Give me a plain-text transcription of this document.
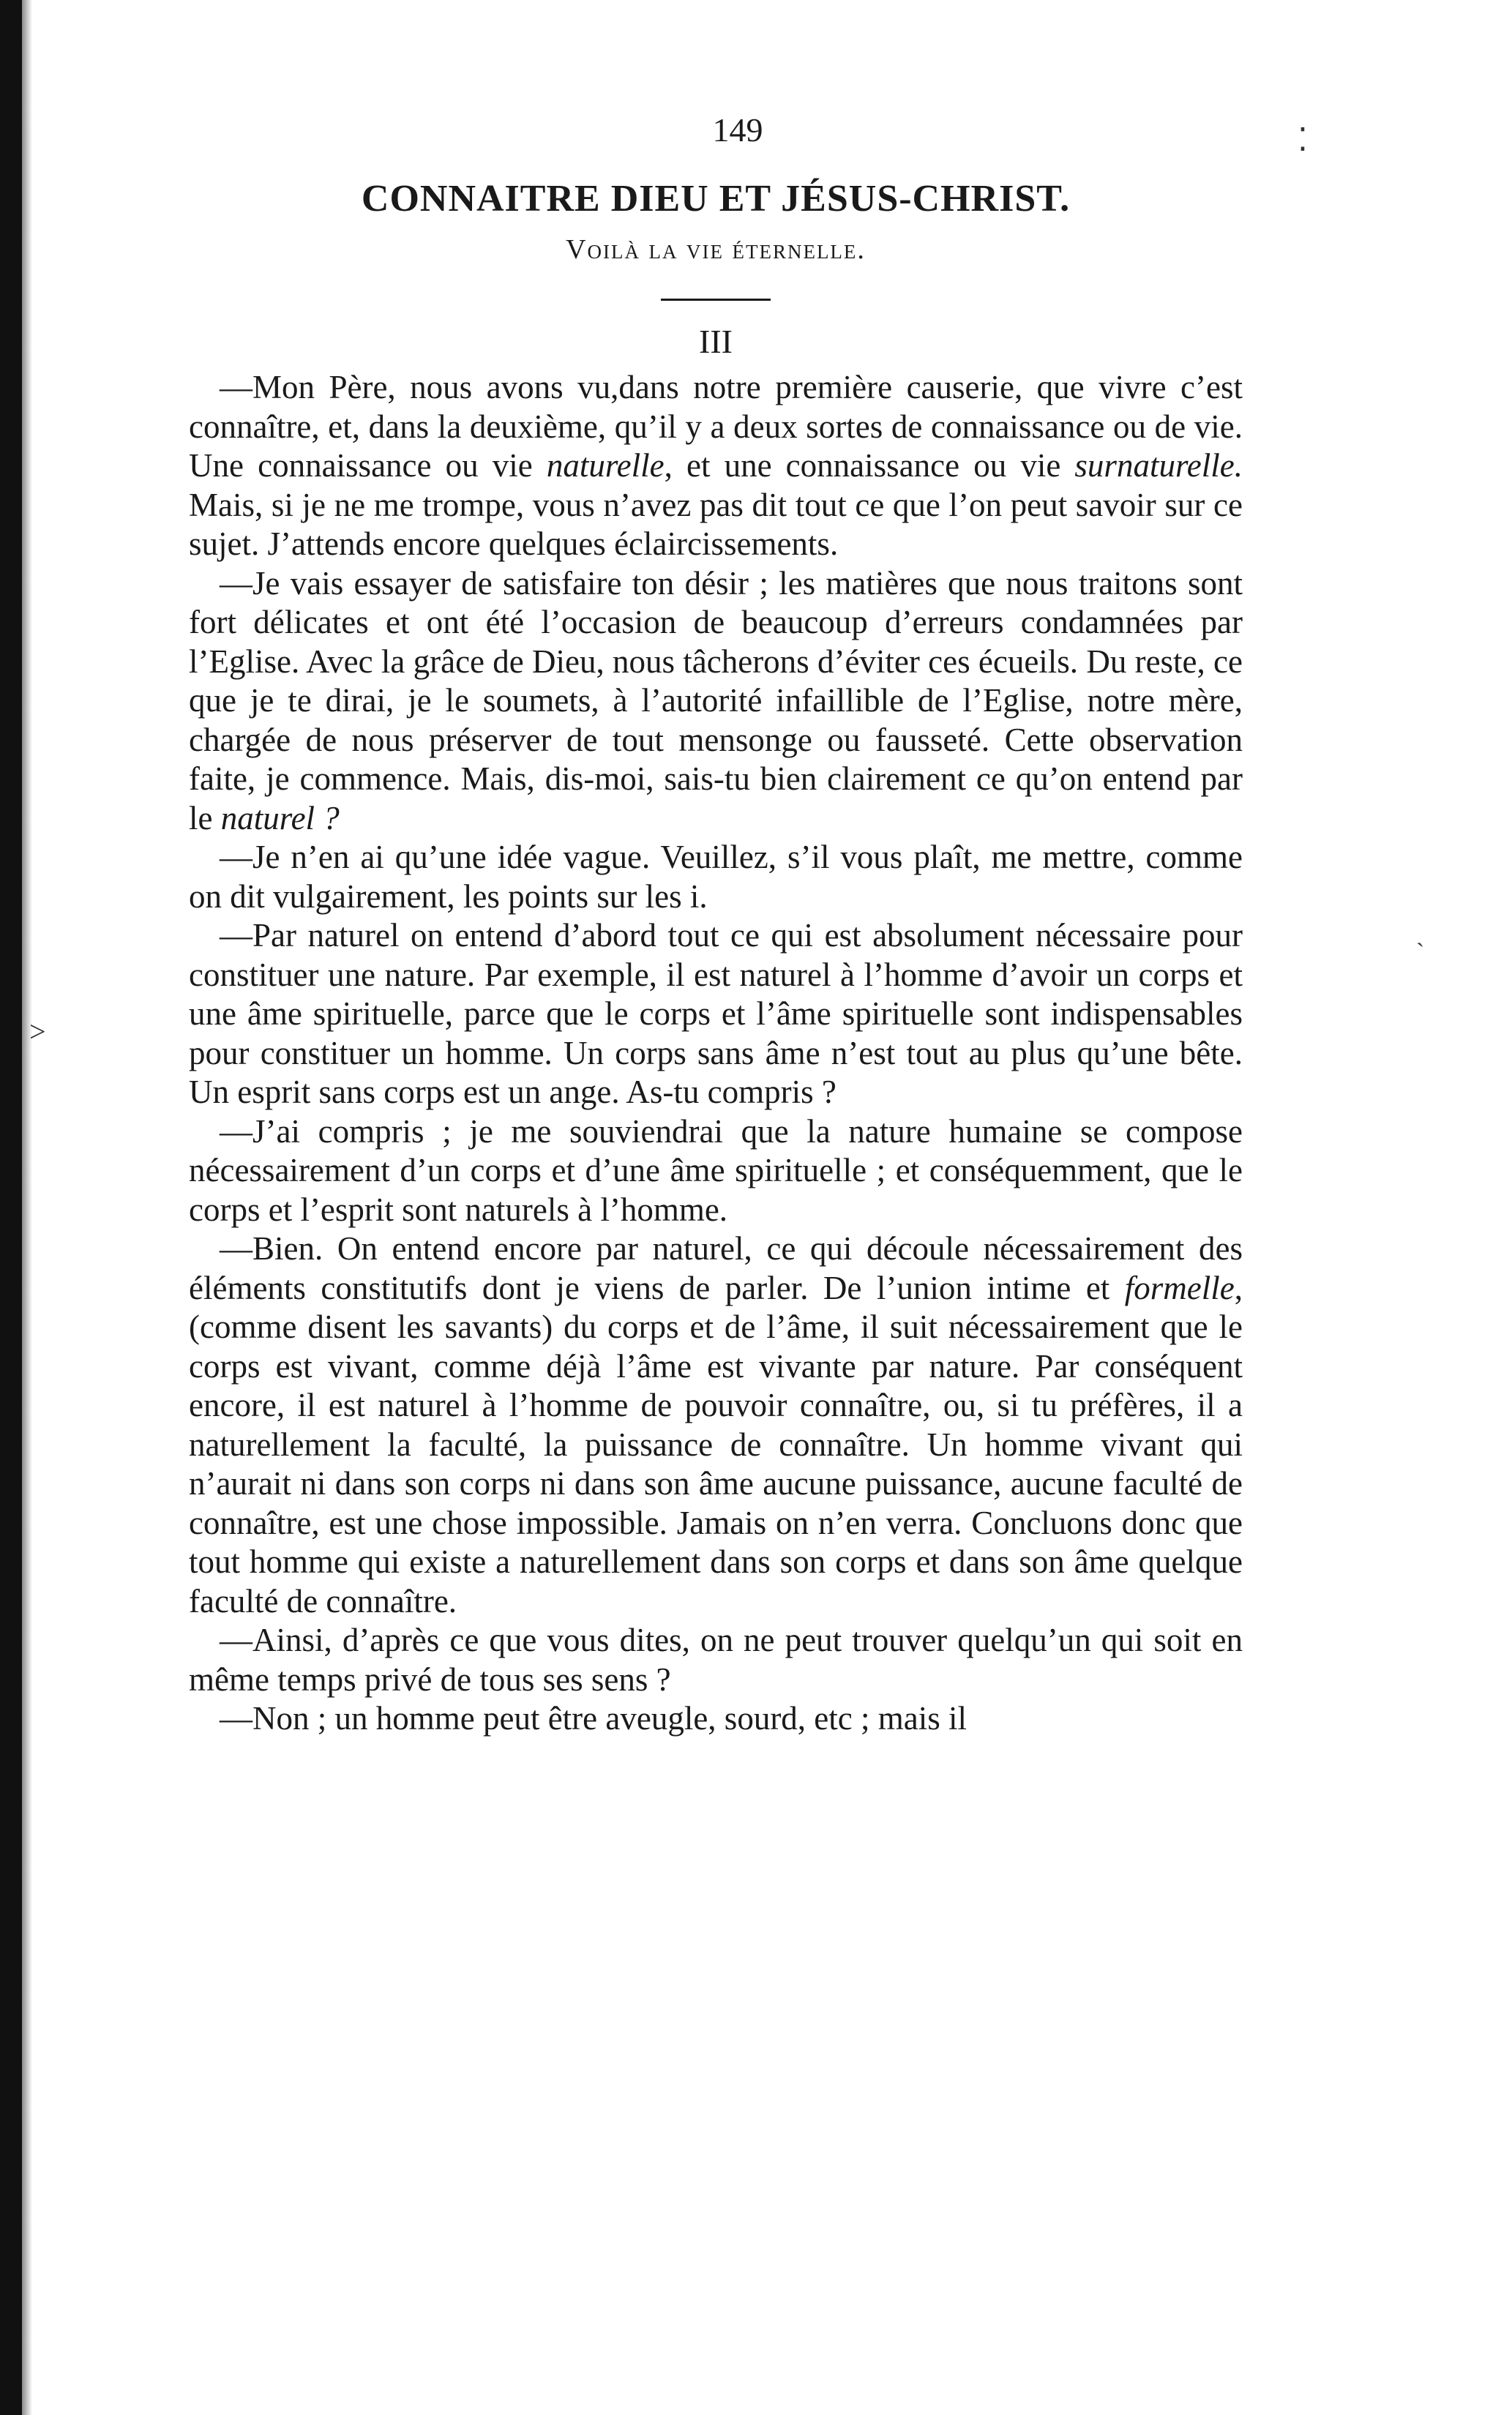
⁚
ˋ
˃
149
CONNAITRE DIEU ET JÉSUS-CHRIST.
Voilà la vie éternelle.
III

—Mon Père, nous avons vu,dans notre première causerie, que vivre c’est connaître, et, dans la deuxième, qu’il y a deux sortes de connaissance ou de vie. Une connaissance ou vie naturelle, et une connaissance ou vie surnaturelle. Mais, si je ne me trompe, vous n’avez pas dit tout ce que l’on peut savoir sur ce sujet. J’attends encore quelques éclaircissements.

—Je vais essayer de satisfaire ton désir ; les matières que nous traitons sont fort délicates et ont été l’occasion de beaucoup d’erreurs condamnées par l’Eglise. Avec la grâce de Dieu, nous tâcherons d’éviter ces écueils. Du reste, ce que je te dirai, je le soumets, à l’autorité infaillible de l’Eglise, notre mère, chargée de nous préserver de tout mensonge ou fausseté. Cette observation faite, je commence. Mais, dis-moi, sais-tu bien clairement ce qu’on entend par le naturel ?

—Je n’en ai qu’une idée vague. Veuillez, s’il vous plaît, me mettre, comme on dit vulgairement, les points sur les i.

—Par naturel on entend d’abord tout ce qui est absolument nécessaire pour constituer une nature. Par exemple, il est naturel à l’homme d’avoir un corps et une âme spirituelle, parce que le corps et l’âme spirituelle sont indispensables pour constituer un homme. Un corps sans âme n’est tout au plus qu’une bête. Un esprit sans corps est un ange. As-tu compris ?

—J’ai compris ; je me souviendrai que la nature humaine se compose nécessairement d’un corps et d’une âme spirituelle ; et conséquemment, que le corps et l’esprit sont naturels à l’homme.

—Bien. On entend encore par naturel, ce qui découle nécessairement des éléments constitutifs dont je viens de parler. De l’union intime et formelle, (comme disent les savants) du corps et de l’âme, il suit nécessairement que le corps est vivant, comme déjà l’âme est vivante par nature. Par conséquent encore, il est naturel à l’homme de pouvoir connaître, ou, si tu préfères, il a naturellement la faculté, la puissance de connaître. Un homme vivant qui n’aurait ni dans son corps ni dans son âme aucune puissance, aucune faculté de connaître, est une chose impossible. Jamais on n’en verra. Concluons donc que tout homme qui existe a naturellement dans son corps et dans son âme quelque faculté de connaître.

—Ainsi, d’après ce que vous dites, on ne peut trouver quelqu’un qui soit en même temps privé de tous ses sens ?

—Non ; un homme peut être aveugle, sourd, etc ; mais il
